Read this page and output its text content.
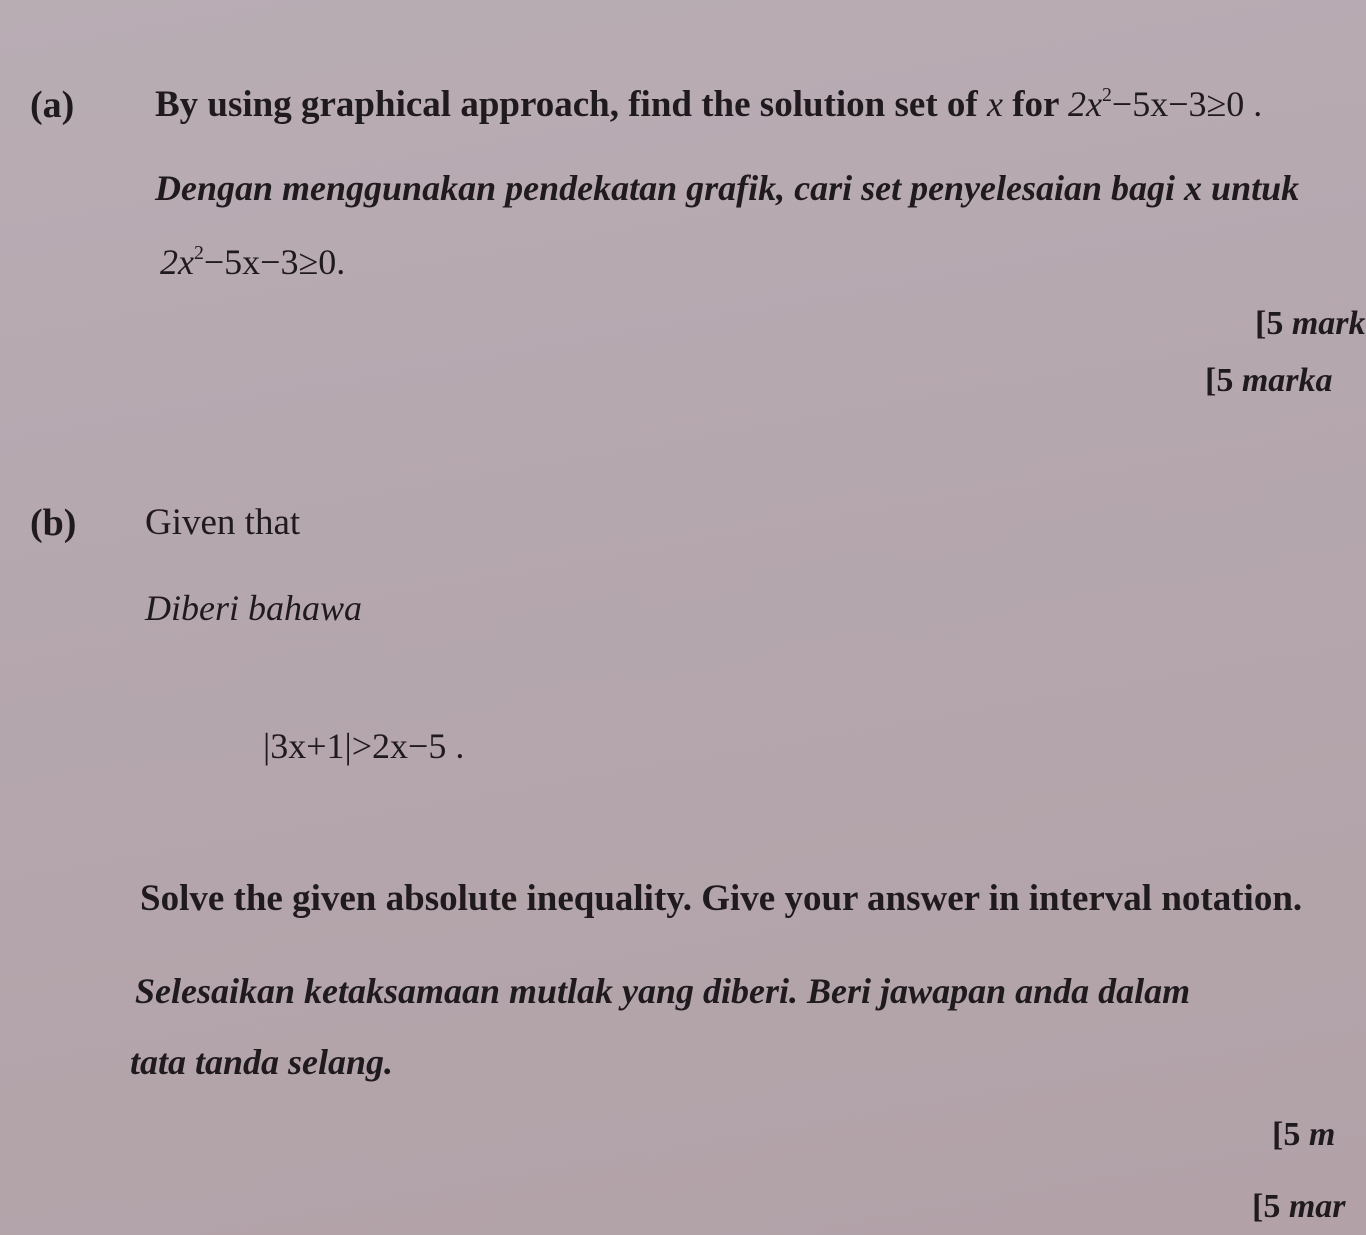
(a) By using graphical approach, find the solution set of x for $2x^2-5x-3\ge 0$ .
Dengan menggunakan pendekatan grafik, cari set penyelesaian bagi x untuk
$2x^2-5x-3\ge 0$.
[5 mark
[5 marka
(b) Given that
Diberi bahawa
|3x+1|>2x−5 .
Solve the given absolute inequality. Give your answer in interval notation.
Selesaikan ketaksamaan mutlak yang diberi. Beri jawapan anda dalam
tata tanda selang.
[5 m
[5 mar
